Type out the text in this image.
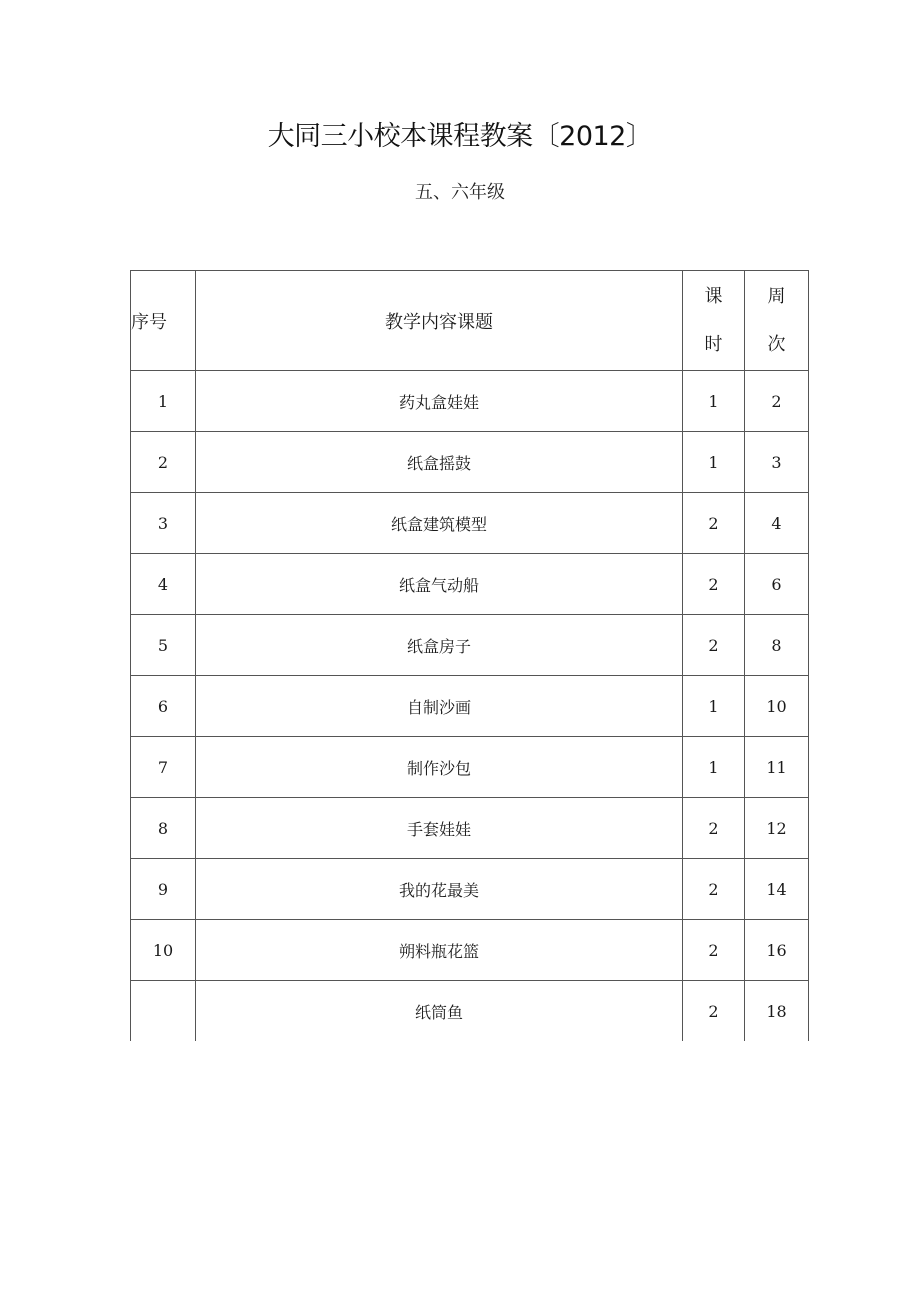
大同三小校本课程教案〔2012〕
五、六年级
序号	教学内容课题	课时	周次
1	药丸盒娃娃	1	2
2	纸盒摇鼓	1	3
3	纸盒建筑模型	2	4
4	纸盒气动船	2	6
5	纸盒房子	2	8
6	自制沙画	1	10
7	制作沙包	1	11
8	手套娃娃	2	12
9	我的花最美	2	14
10	朔料瓶花篮	2	16
	纸筒鱼	2	18
